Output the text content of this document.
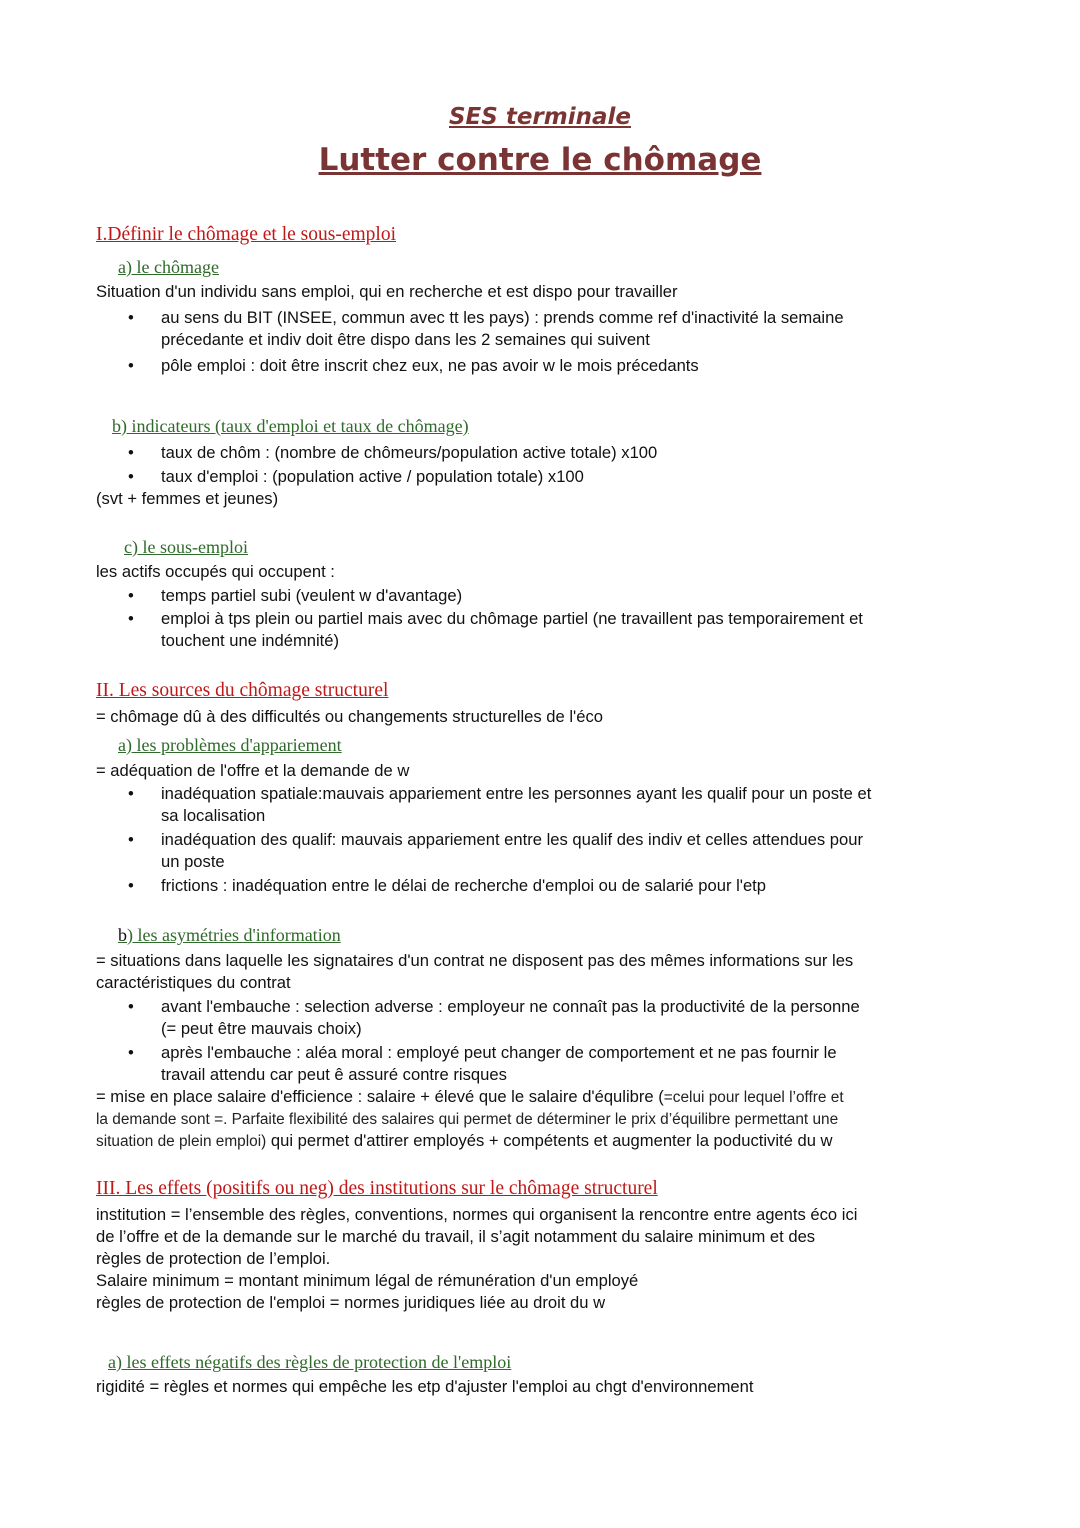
SES terminale
Lutter contre le chômage
I.Définir le chômage et le sous-emploi
a) le chômage
Situation d'un individu sans emploi, qui en recherche et est dispo pour travailler
• au sens du BIT (INSEE, commun avec tt les pays) : prends comme ref d'inactivité la semaine
précedante et indiv doit être dispo dans les 2 semaines qui suivent
• pôle emploi : doit être inscrit chez eux, ne pas avoir w le mois précedants
b) indicateurs (taux d'emploi et taux de chômage)
• taux de chôm : (nombre de chômeurs/population active totale) x100
• taux d'emploi : (population active / population totale) x100
(svt + femmes et jeunes)
c) le sous-emploi
les actifs occupés qui occupent :
• temps partiel subi (veulent w d'avantage)
• emploi à tps plein ou partiel mais avec du chômage partiel (ne travaillent pas temporairement et
touchent une indémnité)
II. Les sources du chômage structurel
= chômage dû à des difficultés ou changements structurelles de l'éco
a) les problèmes d'appariement
= adéquation de l'offre et la demande de w
• inadéquation spatiale:mauvais appariement entre les personnes ayant les qualif pour un poste et
sa localisation
• inadéquation des qualif: mauvais appariement entre les qualif des indiv et celles attendues pour
un poste
• frictions : inadéquation entre le délai de recherche d'emploi ou de salarié pour l'etp
b) les asymétries d'information
= situations dans laquelle les signataires d'un contrat ne disposent pas des mêmes informations sur les
caractéristiques du contrat
• avant l'embauche : selection adverse : employeur ne connaît pas la productivité de la personne
(= peut être mauvais choix)
• après l'embauche : aléa moral : employé peut changer de comportement et ne pas fournir le
travail attendu car peut ê assuré contre risques
= mise en place salaire d'efficience : salaire + élevé que le salaire d'équlibre (=celui pour lequel l’offre et
la demande sont =. Parfaite flexibilité des salaires qui permet de déterminer le prix d’équilibre permettant une
situation de plein emploi) qui permet d'attirer employés + compétents et augmenter la poductivité du w
III. Les effets (positifs ou neg) des institutions sur le chômage structurel
institution = l’ensemble des règles, conventions, normes qui organisent la rencontre entre agents éco ici
de l’offre et de la demande sur le marché du travail, il s’agit notamment du salaire minimum et des
règles de protection de l’emploi.
Salaire minimum = montant minimum légal de rémunération d'un employé
règles de protection de l'emploi = normes juridiques liée au droit du w
a) les effets négatifs des règles de protection de l'emploi
rigidité = règles et normes qui empêche les etp d'ajuster l'emploi au chgt d'environnement
